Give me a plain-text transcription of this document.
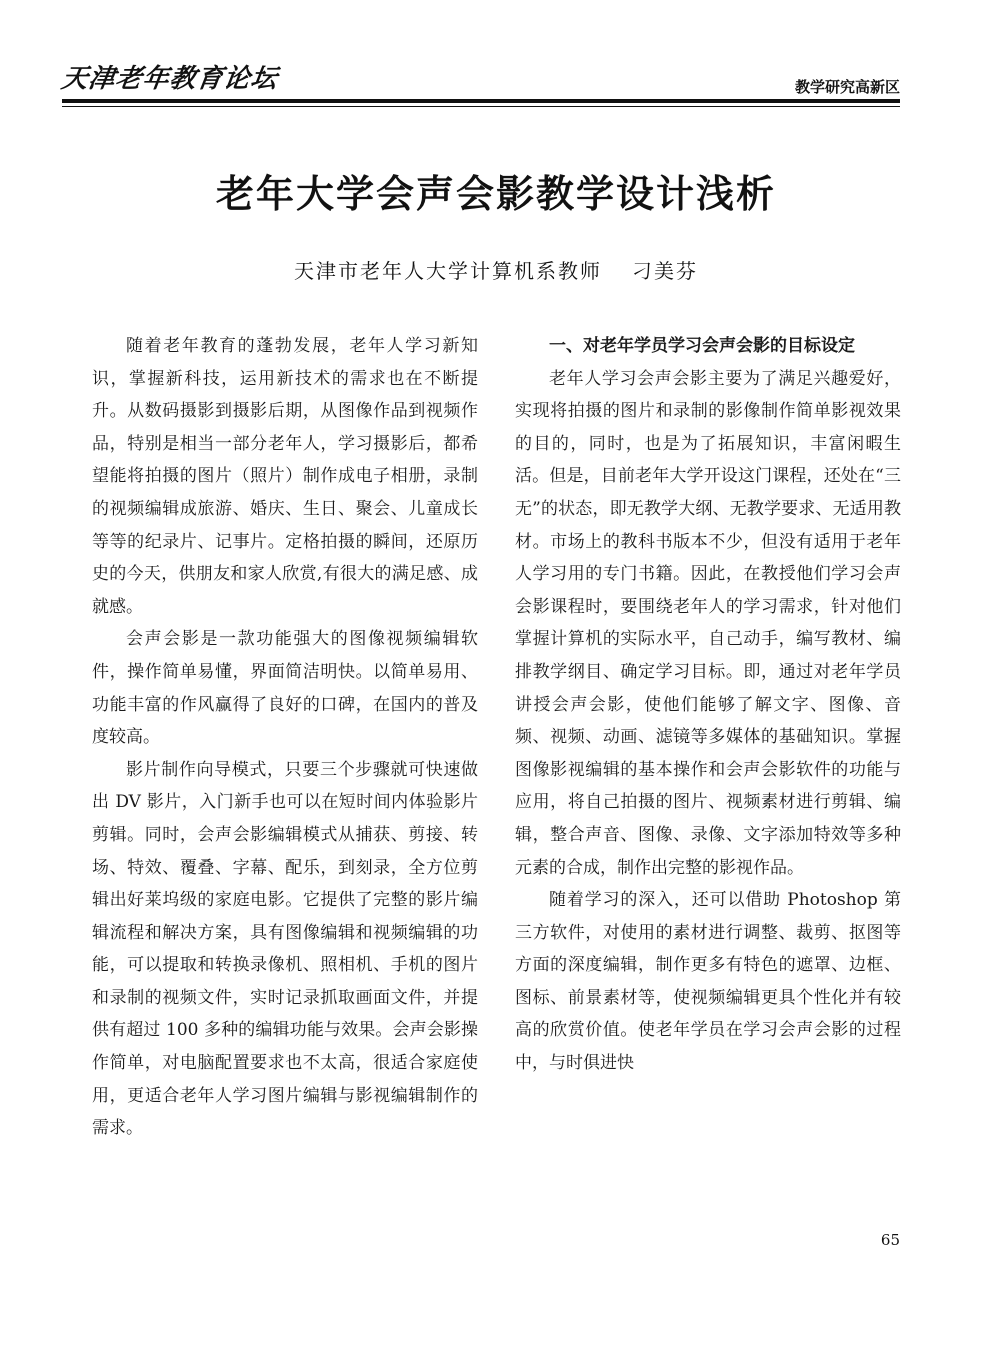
天津老年教育论坛	教学研究高新区
老年大学会声会影教学设计浅析
天津市老年人大学计算机系教师 刁美芬

随着老年教育的蓬勃发展，老年人学习新知识，掌握新科技，运用新技术的需求也在不断提升。从数码摄影到摄影后期，从图像作品到视频作品，特别是相当一部分老年人，学习摄影后，都希望能将拍摄的图片（照片）制作成电子相册，录制的视频编辑成旅游、婚庆、生日、聚会、儿童成长等等的纪录片、记事片。定格拍摄的瞬间，还原历史的今天，供朋友和家人欣赏,有很大的满足感、成就感。

会声会影是一款功能强大的图像视频编辑软件，操作简单易懂，界面简洁明快。以简单易用、功能丰富的作风赢得了良好的口碑，在国内的普及度较高。

影片制作向导模式，只要三个步骤就可快速做出 DV 影片，入门新手也可以在短时间内体验影片剪辑。同时，会声会影编辑模式从捕获、剪接、转场、特效、覆叠、字幕、配乐，到刻录，全方位剪辑出好莱坞级的家庭电影。它提供了完整的影片编辑流程和解决方案，具有图像编辑和视频编辑的功能，可以提取和转换录像机、照相机、手机的图片和录制的视频文件，实时记录抓取画面文件，并提供有超过 100 多种的编辑功能与效果。会声会影操作简单，对电脑配置要求也不太高，很适合家庭使用，更适合老年人学习图片编辑与影视编辑制作的需求。

一、对老年学员学习会声会影的目标设定

老年人学习会声会影主要为了满足兴趣爱好，实现将拍摄的图片和录制的影像制作简单影视效果的目的，同时，也是为了拓展知识，丰富闲暇生活。但是，目前老年大学开设这门课程，还处在“三无”的状态，即无教学大纲、无教学要求、无适用教材。市场上的教科书版本不少，但没有适用于老年人学习用的专门书籍。因此，在教授他们学习会声会影课程时，要围绕老年人的学习需求，针对他们掌握计算机的实际水平，自己动手，编写教材、编排教学纲目、确定学习目标。即，通过对老年学员讲授会声会影，使他们能够了解文字、图像、音频、视频、动画、滤镜等多媒体的基础知识。掌握图像影视编辑的基本操作和会声会影软件的功能与应用，将自己拍摄的图片、视频素材进行剪辑、编辑，整合声音、图像、录像、文字添加特效等多种元素的合成，制作出完整的影视作品。

随着学习的深入，还可以借助 Photoshop 第三方软件，对使用的素材进行调整、裁剪、抠图等方面的深度编辑，制作更多有特色的遮罩、边框、图标、前景素材等，使视频编辑更具个性化并有较高的欣赏价值。使老年学员在学习会声会影的过程中，与时俱进快

65
